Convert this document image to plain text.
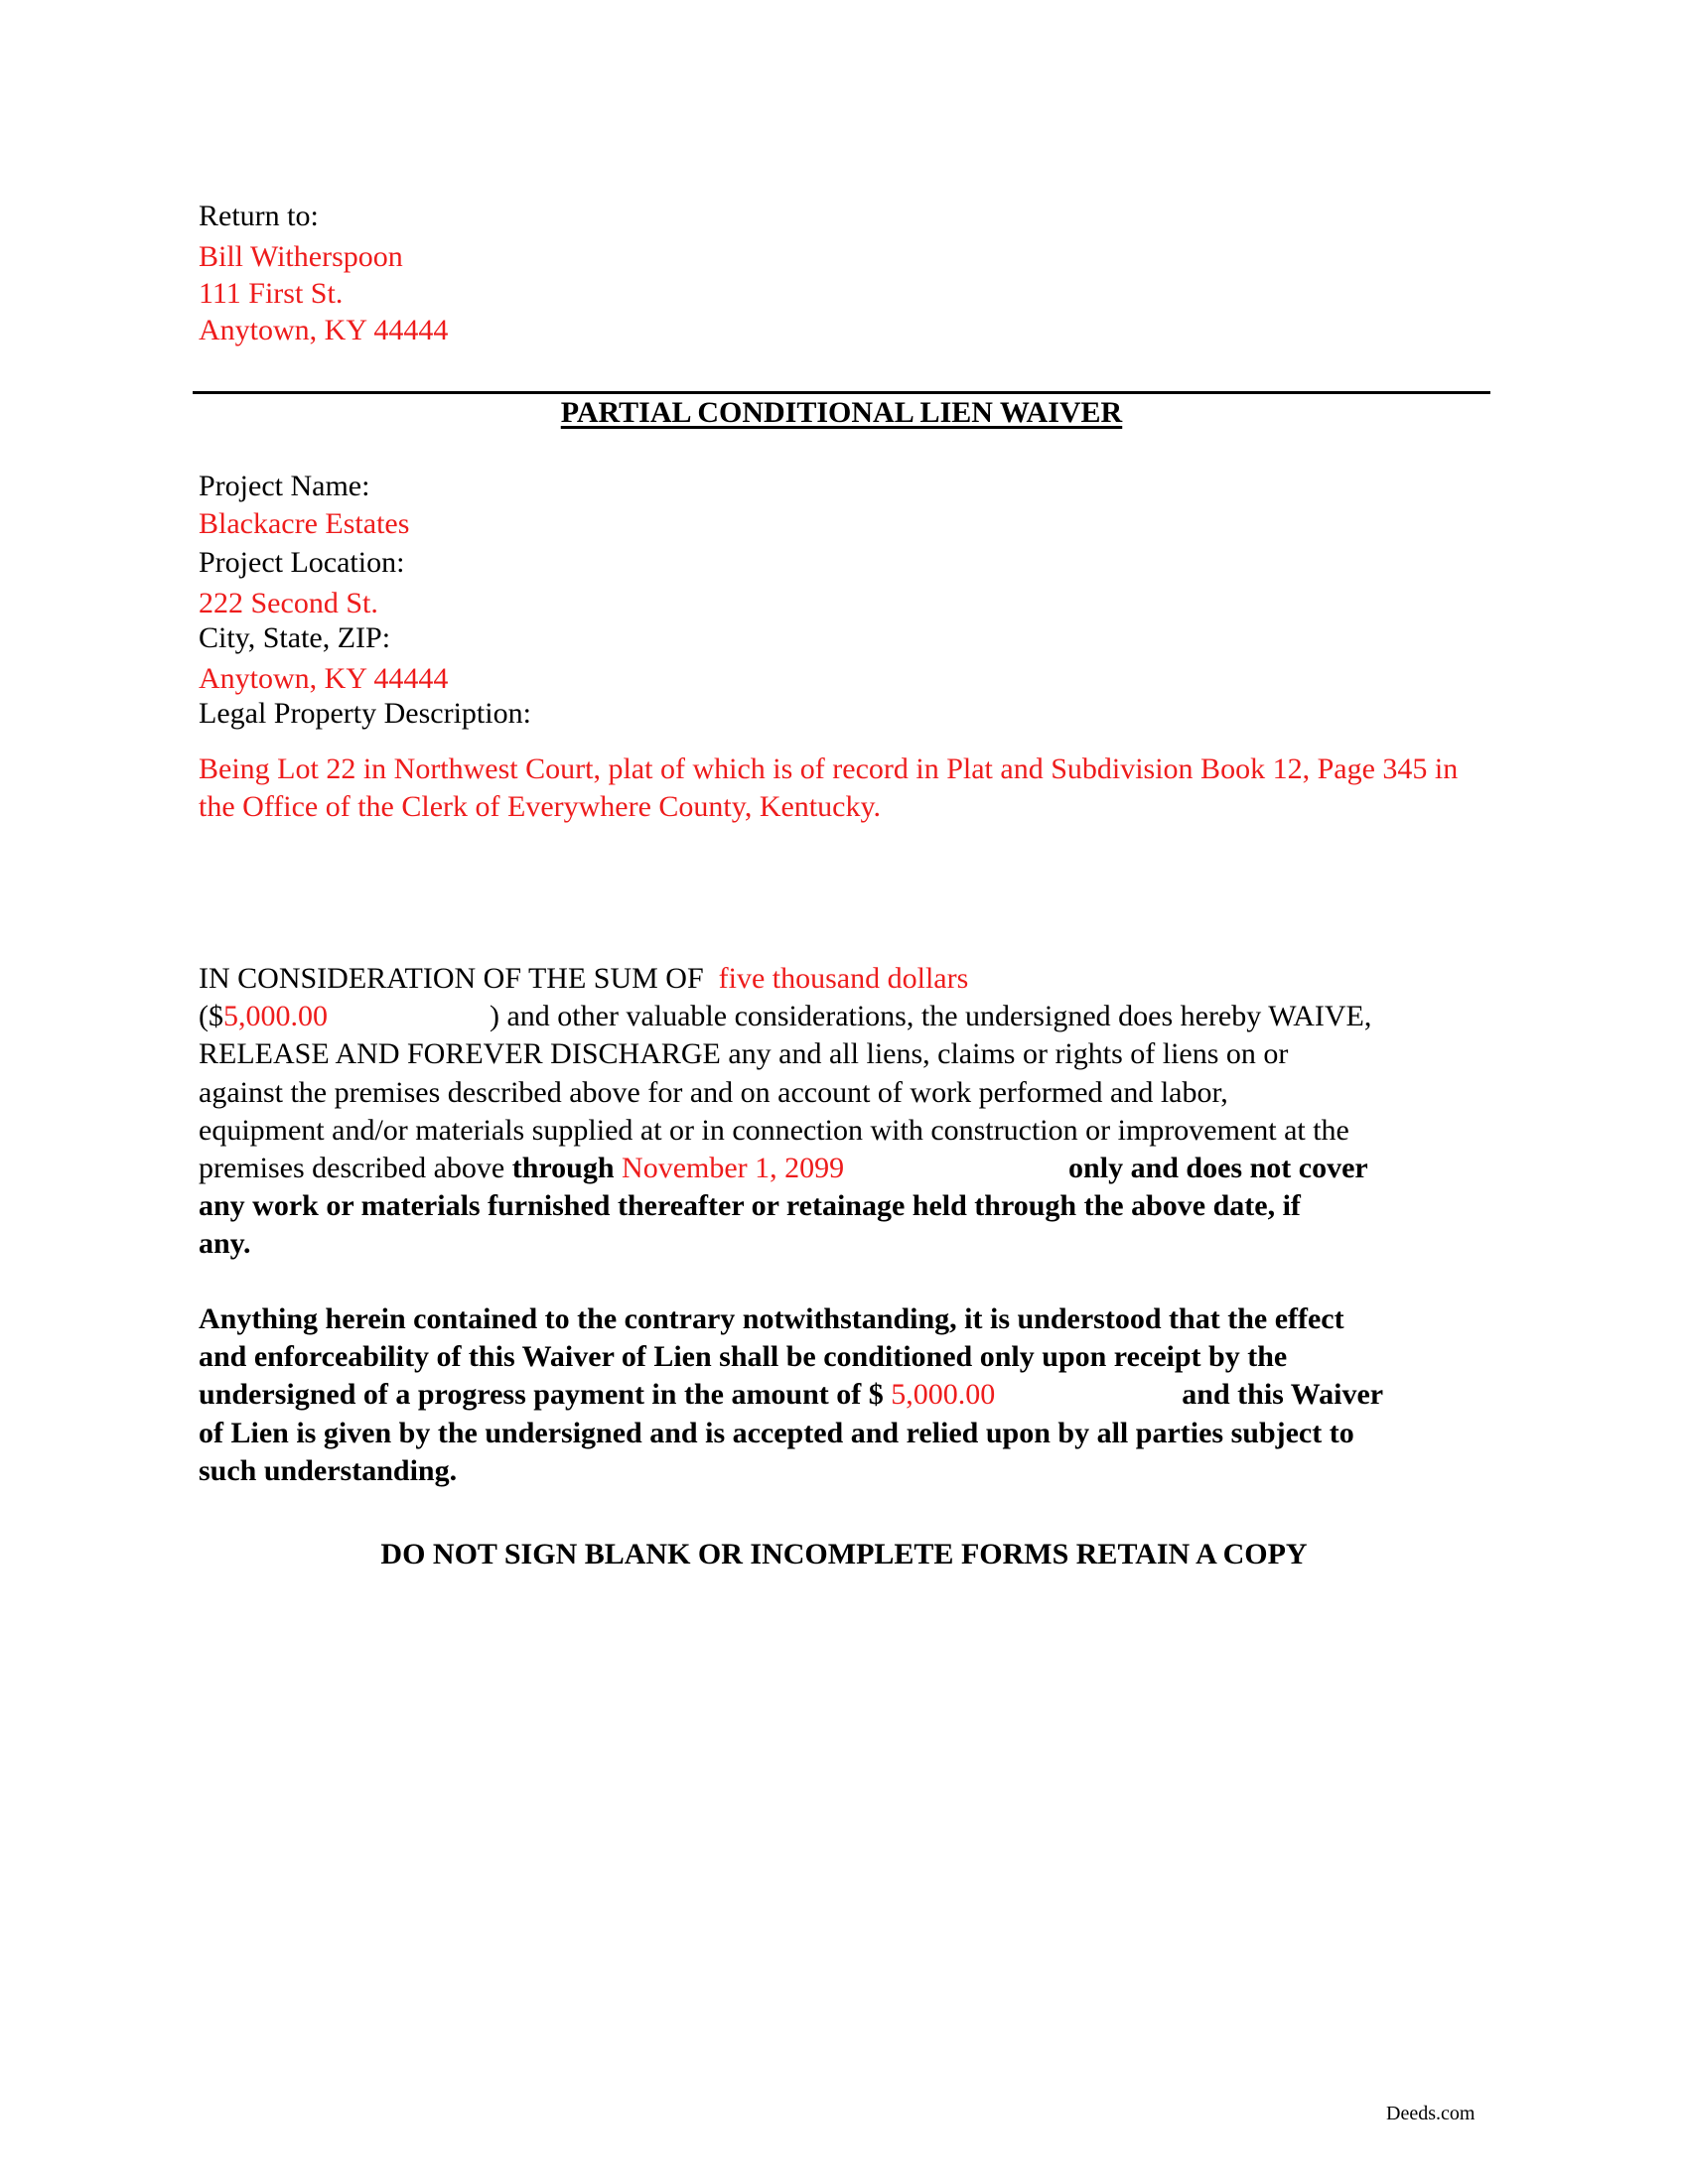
Return to:
Bill Witherspoon
111 First St.
Anytown, KY 44444
PARTIAL CONDITIONAL LIEN WAIVER
Project Name:
Blackacre Estates
Project Location:
222 Second St.
City, State, ZIP:
Anytown, KY 44444
Legal Property Description:
Being Lot 22 in Northwest Court, plat of which is of record in Plat and Subdivision Book 12, Page 345 in the Office of the Clerk of Everywhere County, Kentucky.
IN CONSIDERATION OF THE SUM OF five thousand dollars
($5,000.00	) and other valuable considerations, the undersigned does hereby WAIVE,
RELEASE AND FOREVER DISCHARGE any and all liens, claims or rights of liens on or
against the premises described above for and on account of work performed and labor,
equipment and/or materials supplied at or in connection with construction or improvement at the
premises described above through November 1, 2099	only and does not cover
any work or materials furnished thereafter or retainage held through the above date, if
any.
Anything herein contained to the contrary notwithstanding, it is understood that the effect
and enforceability of this Waiver of Lien shall be conditioned only upon receipt by the
undersigned of a progress payment in the amount of $ 5,000.00	and this Waiver
of Lien is given by the undersigned and is accepted and relied upon by all parties subject to
such understanding.
DO NOT SIGN BLANK OR INCOMPLETE FORMS RETAIN A COPY
Deeds.com
